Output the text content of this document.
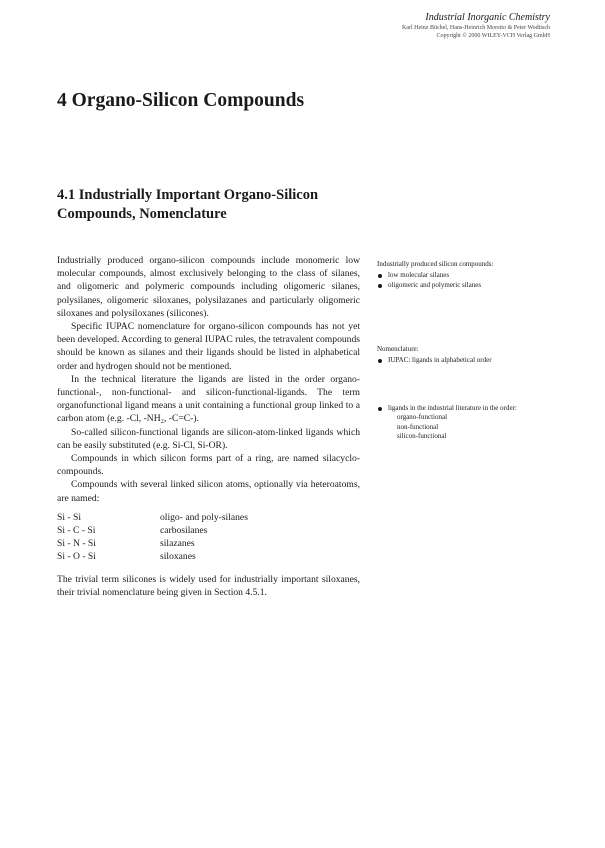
Industrial Inorganic Chemistry
Karl Heinz Büchel, Hans-Heinrich Moretto & Peter Woditsch
Copyright © 2000 WILEY-VCH Verlag GmbH
4 Organo-Silicon Compounds
4.1 Industrially Important Organo-Silicon Compounds, Nomenclature

Industrially produced organo-silicon compounds include monomeric low molecular compounds, almost exclusively belonging to the class of silanes, and oligomeric and polymeric compounds including oligomeric silanes, polysilanes, oligomeric siloxanes, polysilazanes and particularly oligomeric siloxanes and polysiloxanes (silicones).

Specific IUPAC nomenclature for organo-silicon compounds has not yet been developed. According to general IUPAC rules, the tetravalent compounds should be known as silanes and their ligands should be listed in alphabetical order and hydrogen should not be mentioned.

In the technical literature the ligands are listed in the order organo-functional-, non-functional- and silicon-functional-ligands. The term organofunctional ligand means a unit containing a functional group linked to a carbon atom (e.g. -Cl, -NH₂, -C=C-).

So-called silicon-functional ligands are silicon-atom-linked ligands which can be easily substituted (e.g. Si-Cl, Si-OR).

Compounds in which silicon forms part of a ring, are named silacyclo-compounds.

Compounds with several linked silicon atoms, optionally via heteroatoms, are named:

Si - Si	oligo- and poly-silanes
Si - C - Si	carbosilanes
Si - N - Si	silazanes
Si - O - Si	siloxanes

The trivial term silicones is widely used for industrially important siloxanes, their trivial nomenclature being given in Section 4.5.1.

Industrially produced silicon compounds:

low molecular silanes
oligomeric and polymeric silanes

Nomenclature:

IUPAC: ligands in alphabetical order
ligands in the industrial literature in the order:
organo-functional
non-functional
silicon-functional
